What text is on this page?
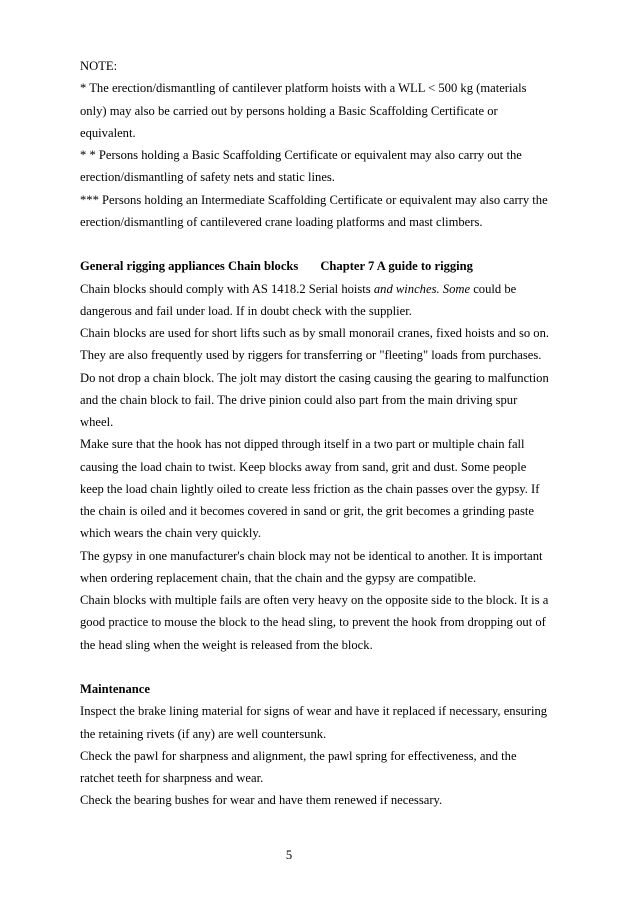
NOTE:
* The erection/dismantling of cantilever platform hoists with a WLL < 500 kg (materials
only) may also be carried out by persons holding a Basic Scaffolding Certificate or
equivalent.
* * Persons holding a Basic Scaffolding Certificate or equivalent may also carry out the
erection/dismantling of safety nets and static lines.
*** Persons holding an Intermediate Scaffolding Certificate or equivalent may also carry the
erection/dismantling of cantilevered crane loading platforms and mast climbers.
General rigging appliances Chain blocks Chapter 7 A guide to rigging
Chain blocks should comply with AS 1418.2 Serial hoists and winches. Some could be
dangerous and fail under load. If in doubt check with the supplier.
Chain blocks are used for short lifts such as by small monorail cranes, fixed hoists and so on.
They are also frequently used by riggers for transferring or "fleeting" loads from purchases.
Do not drop a chain block. The jolt may distort the casing causing the gearing to malfunction
and the chain block to fail. The drive pinion could also part from the main driving spur
wheel.
Make sure that the hook has not dipped through itself in a two part or multiple chain fall
causing the load chain to twist. Keep blocks away from sand, grit and dust. Some people
keep the load chain lightly oiled to create less friction as the chain passes over the gypsy. If
the chain is oiled and it becomes covered in sand or grit, the grit becomes a grinding paste
which wears the chain very quickly.
The gypsy in one manufacturer's chain block may not be identical to another. It is important
when ordering replacement chain, that the chain and the gypsy are compatible.
Chain blocks with multiple fails are often very heavy on the opposite side to the block. It is a
good practice to mouse the block to the head sling, to prevent the hook from dropping out of
the head sling when the weight is released from the block.
Maintenance
Inspect the brake lining material for signs of wear and have it replaced if necessary, ensuring
the retaining rivets (if any) are well countersunk.
Check the pawl for sharpness and alignment, the pawl spring for effectiveness, and the
ratchet teeth for sharpness and wear.
Check the bearing bushes for wear and have them renewed if necessary.
5
